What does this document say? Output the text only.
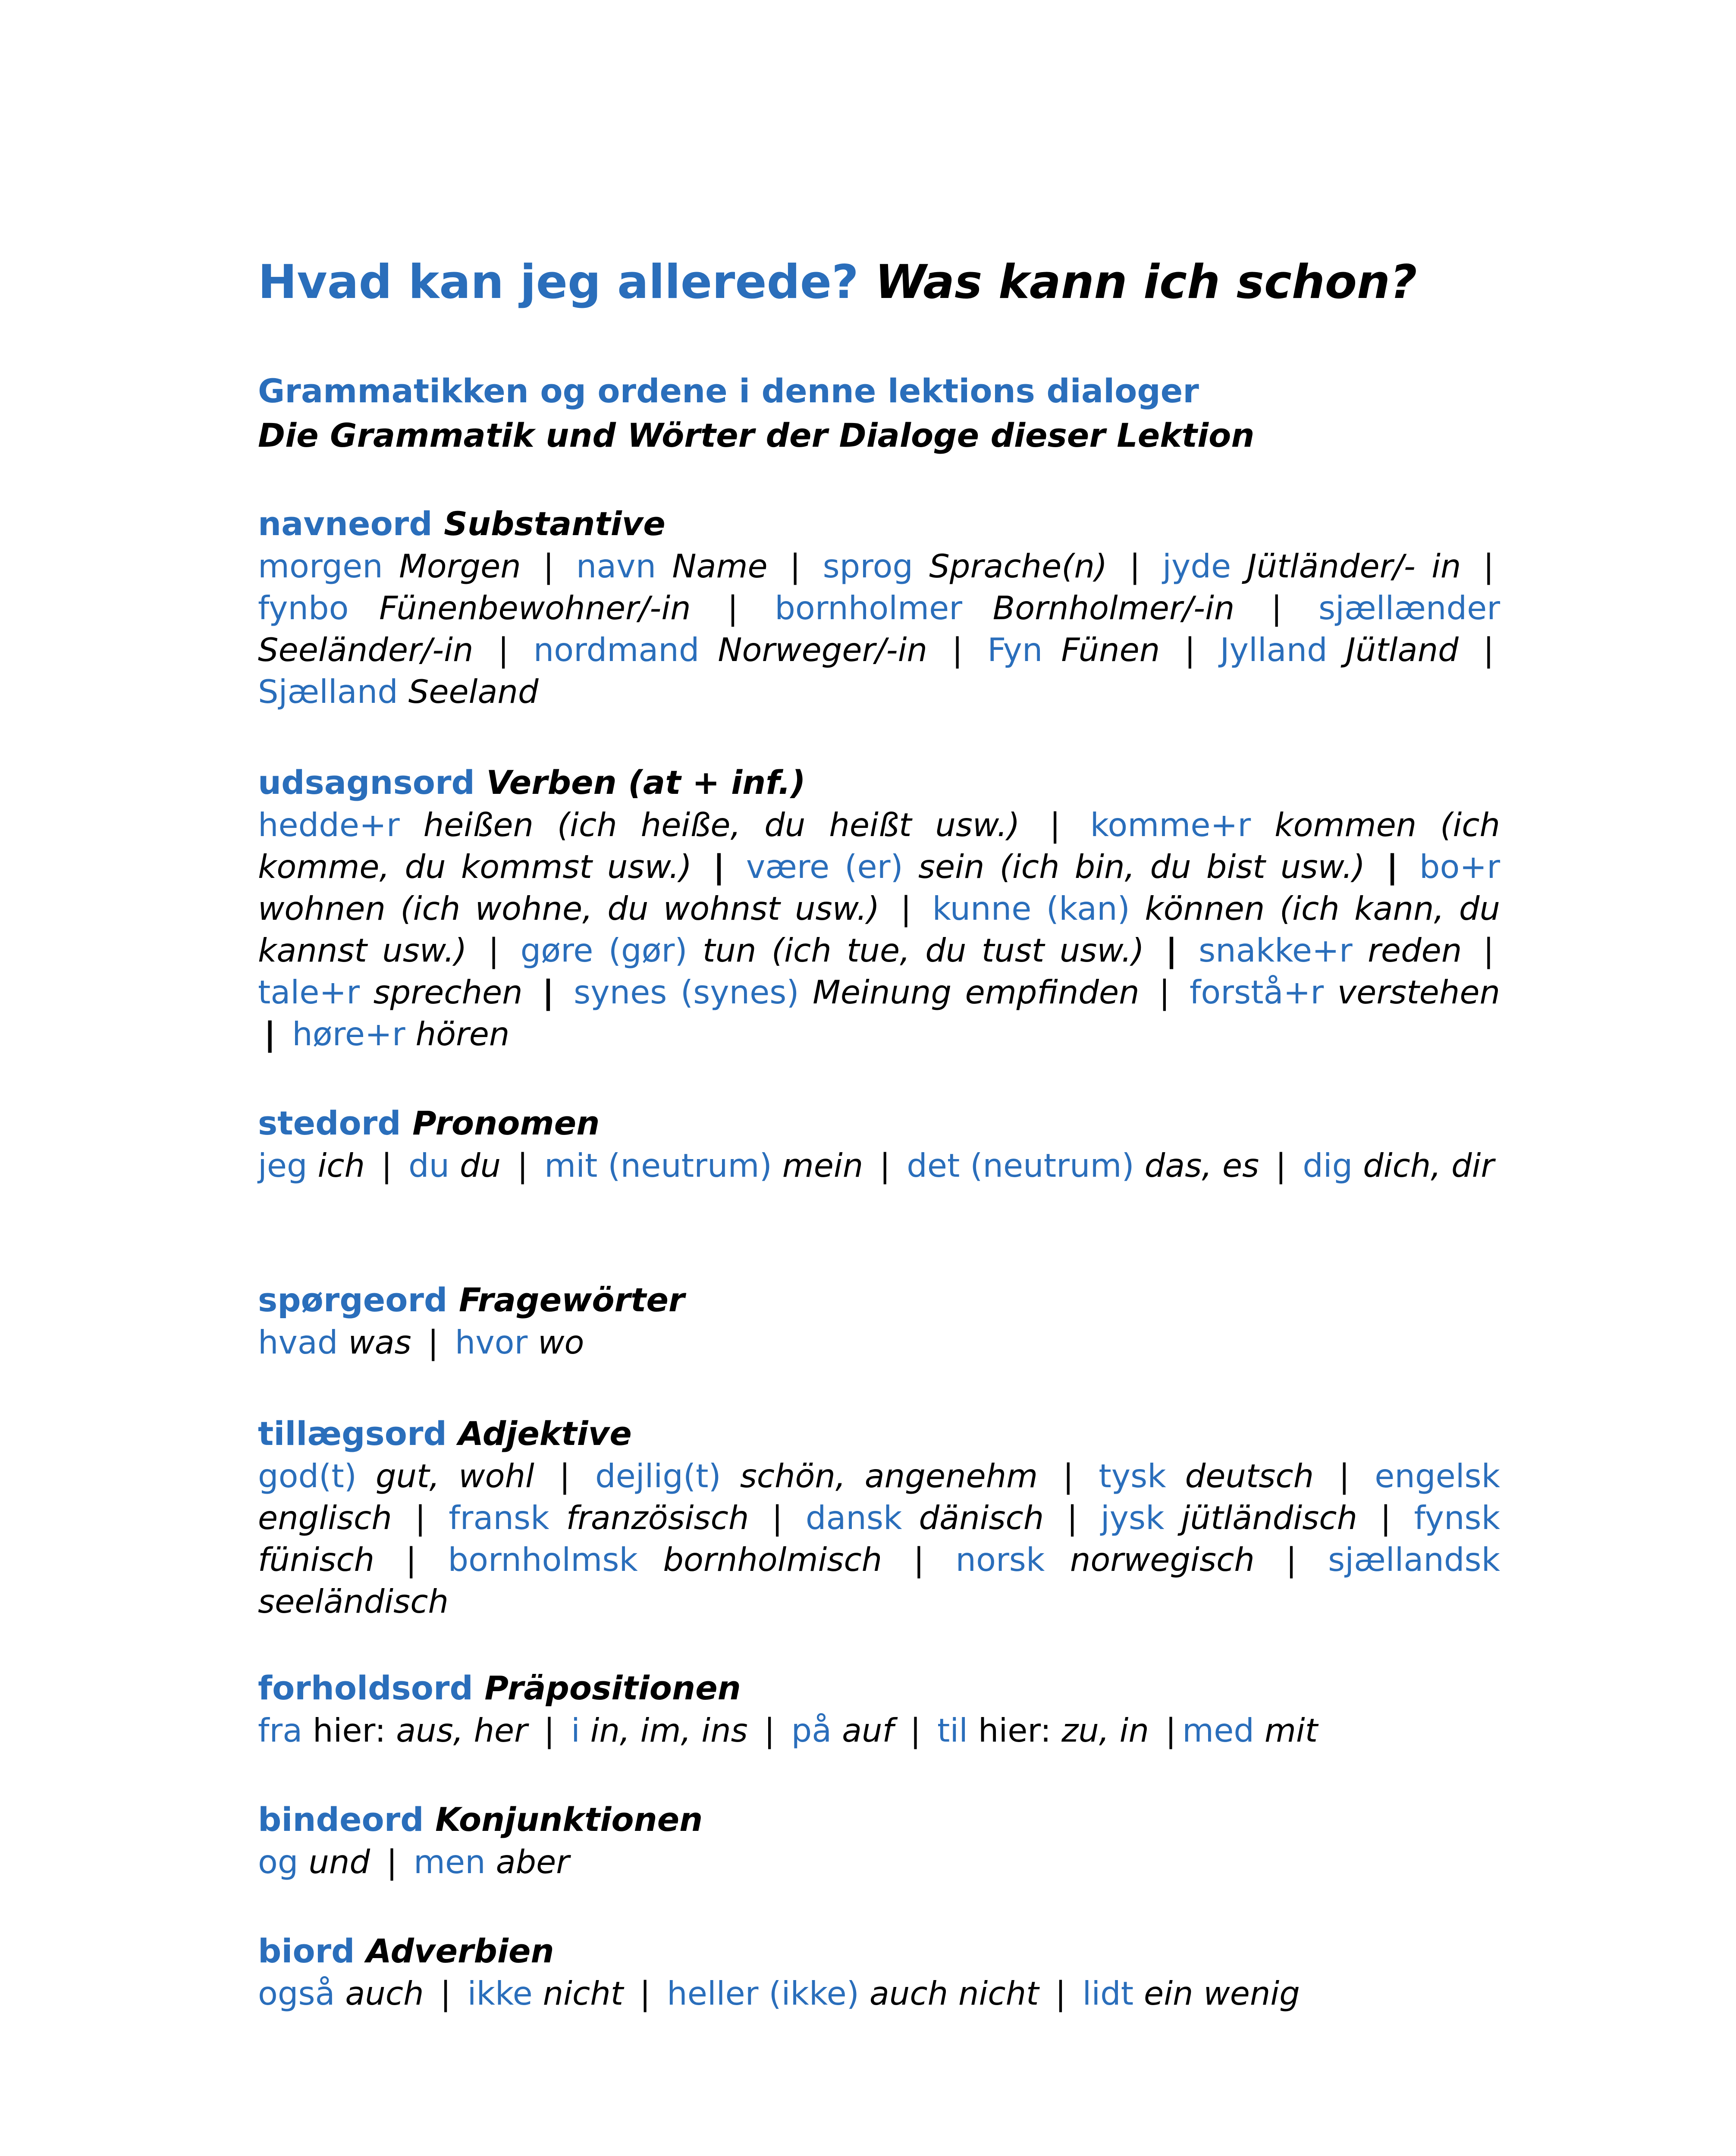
Hvad kan jeg allerede? Was kann ich schon?
Grammatikken og ordene i denne lektions dialoger
Die Grammatik und Wörter der Dialoge dieser Lektion
navneord Substantive

morgen Morgen | navn Name | sprog Sprache(n) | jyde Jütländer/- in | fynbo Fünenbewohner/-in | bornholmer Bornholmer/-in | sjællænder Seeländer/-in | nordmand Norweger/-in | Fyn Fünen | Jylland Jütland | Sjælland Seeland

udsagnsord Verben (at + inf.)

hedde+r heißen (ich heiße, du heißt usw.) | komme+r kommen (ich komme, du kommst usw.) | være (er) sein (ich bin, du bist usw.) | bo+r wohnen (ich wohne, du wohnst usw.) | kunne (kan) können (ich kann, du kannst usw.) | gøre (gør) tun (ich tue, du tust usw.) | snakke+r reden | tale+r sprechen | synes (synes) Meinung empfinden | forstå+r verstehen | høre+r hören

stedord Pronomen

jeg ich | du du | mit (neutrum) mein | det (neutrum) das, es | dig dich, dir

spørgeord Fragewörter

hvad was | hvor wo

tillægsord Adjektive

god(t) gut, wohl | dejlig(t) schön, angenehm | tysk deutsch | engelsk englisch | fransk französisch | dansk dänisch | jysk jütländisch | fynsk fünisch | bornholmsk bornholmisch | norsk norwegisch | sjællandsk seeländisch

forholdsord Präpositionen

fra hier: aus, her | i in, im, ins | på auf | til hier: zu, in | med mit

bindeord Konjunktionen

og und | men aber

biord Adverbien

også auch | ikke nicht | heller (ikke) auch nicht | lidt ein wenig
